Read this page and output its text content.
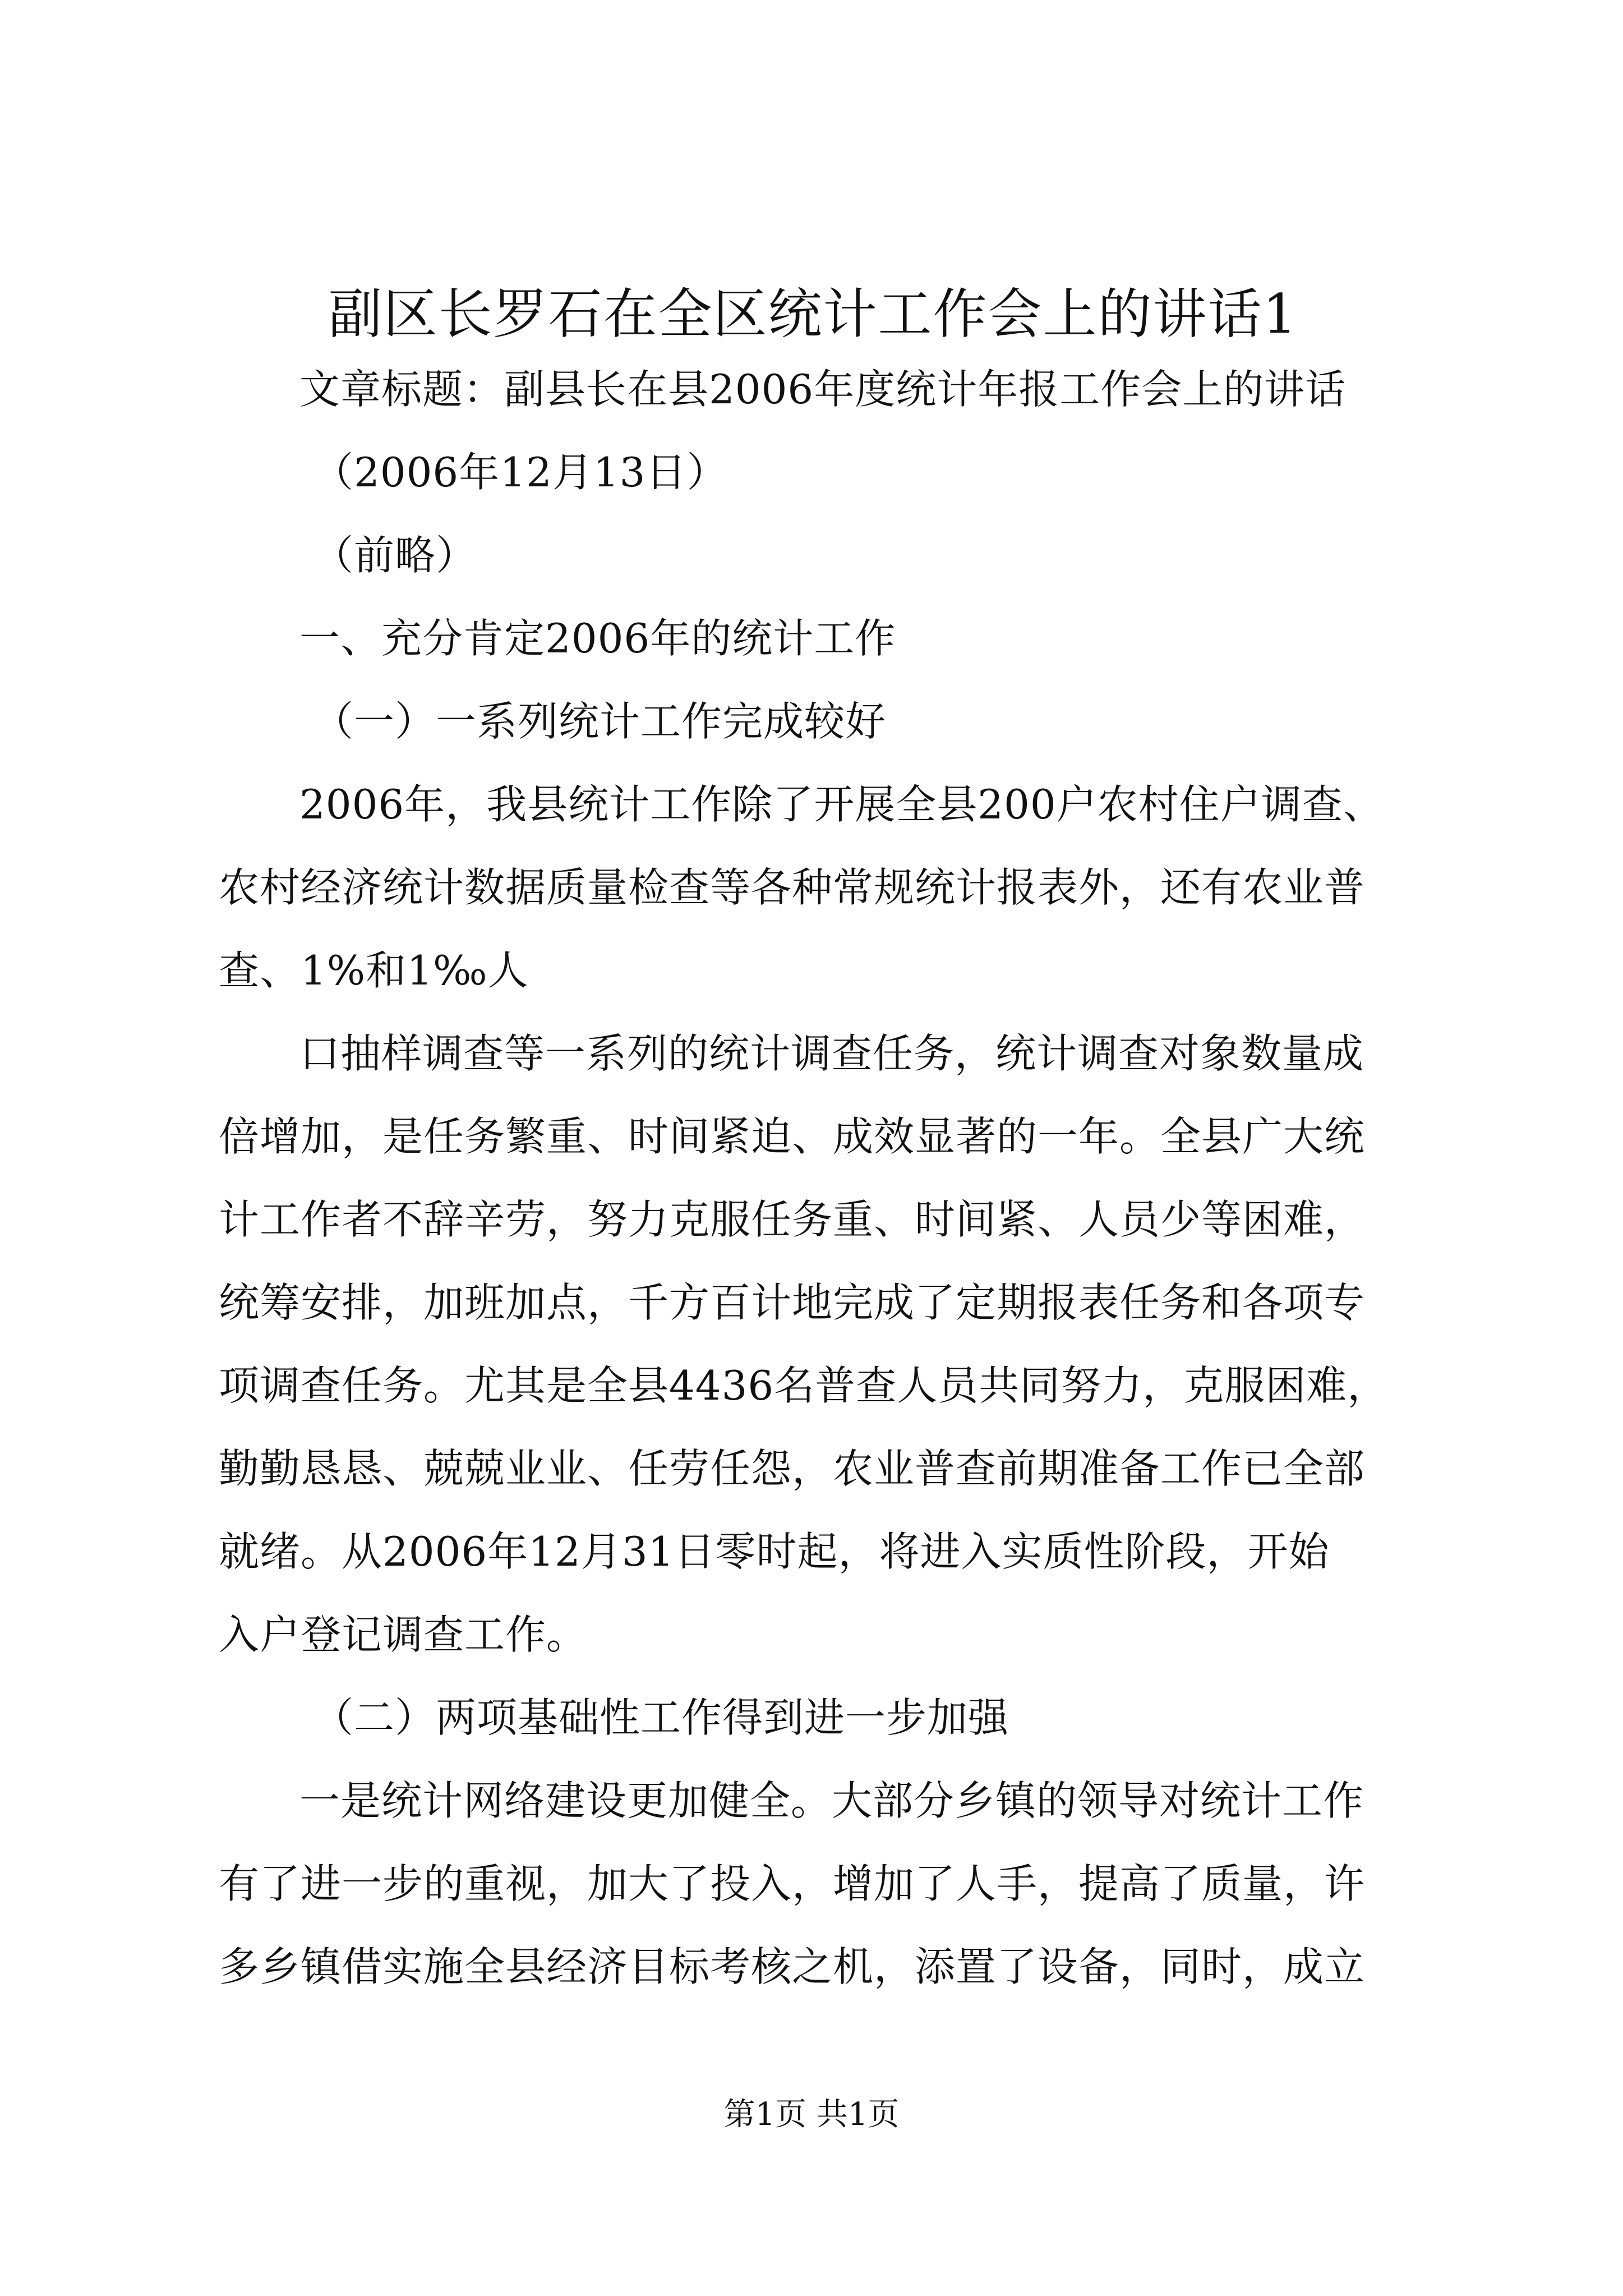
副区长罗石在全区统计工作会上的讲话1
文章标题：副县长在县2006年度统计年报工作会上的讲话
（2006年12月13日）
（前略）
一、充分肯定2006年的统计工作
（一）一系列统计工作完成较好
2006年，我县统计工作除了开展全县200户农村住户调查、
农村经济统计数据质量检查等各种常规统计报表外，还有农业普
查、1%和1‰人
口抽样调查等一系列的统计调查任务，统计调查对象数量成
倍增加，是任务繁重、时间紧迫、成效显著的一年。全县广大统
计工作者不辞辛劳，努力克服任务重、时间紧、人员少等困难，
统筹安排，加班加点，千方百计地完成了定期报表任务和各项专
项调查任务。尤其是全县4436名普查人员共同努力，克服困难，
勤勤恳恳、兢兢业业、任劳任怨，农业普查前期准备工作已全部
就绪。从2006年12月31日零时起，将进入实质性阶段，开始
入户登记调查工作。
（二）两项基础性工作得到进一步加强
一是统计网络建设更加健全。大部分乡镇的领导对统计工作
有了进一步的重视，加大了投入，增加了人手，提高了质量，许
多乡镇借实施全县经济目标考核之机，添置了设备，同时，成立
第1页 共1页
